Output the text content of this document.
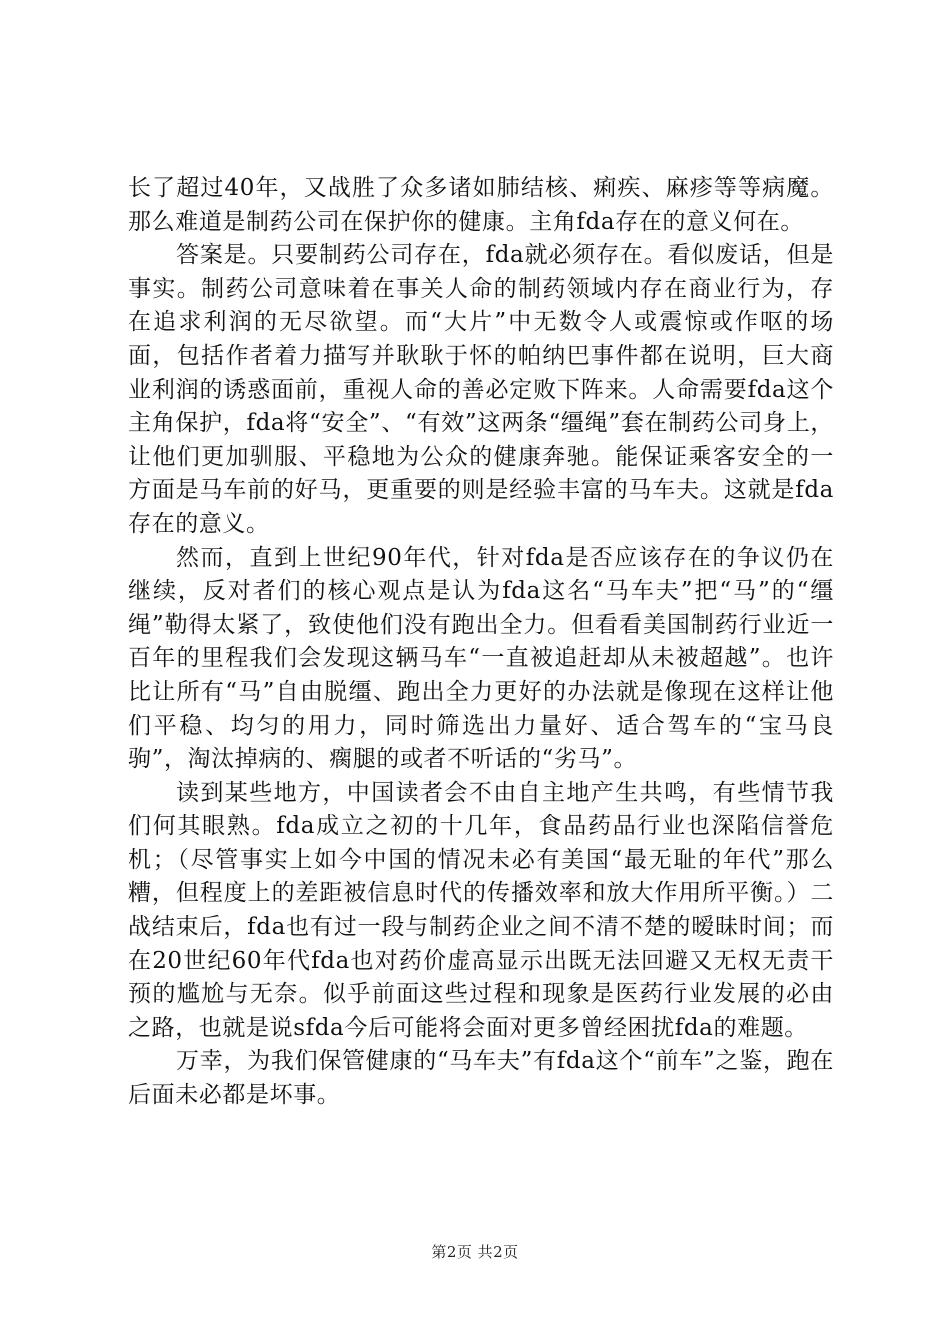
长了超过40年，又战胜了众多诸如肺结核、痢疾、麻疹等等病魔。那么难道是制药公司在保护你的健康。主角fda存在的意义何在。

答案是。只要制药公司存在，fda就必须存在。看似废话，但是事实。制药公司意味着在事关人命的制药领域内存在商业行为，存在追求利润的无尽欲望。而“大片”中无数令人或震惊或作呕的场面，包括作者着力描写并耿耿于怀的帕纳巴事件都在说明，巨大商业利润的诱惑面前，重视人命的善必定败下阵来。人命需要fda这个主角保护，fda将“安全”、“有效”这两条“缰绳”套在制药公司身上，让他们更加驯服、平稳地为公众的健康奔驰。能保证乘客安全的一方面是马车前的好马，更重要的则是经验丰富的马车夫。这就是fda存在的意义。

然而，直到上世纪90年代，针对fda是否应该存在的争议仍在继续，反对者们的核心观点是认为fda这名“马车夫”把“马”的“缰绳”勒得太紧了，致使他们没有跑出全力。但看看美国制药行业近一百年的里程我们会发现这辆马车“一直被追赶却从未被超越”。也许比让所有“马”自由脱缰、跑出全力更好的办法就是像现在这样让他们平稳、均匀的用力，同时筛选出力量好、适合驾车的“宝马良驹”，淘汰掉病的、瘸腿的或者不听话的“劣马”。

读到某些地方，中国读者会不由自主地产生共鸣，有些情节我们何其眼熟。fda成立之初的十几年，食品药品行业也深陷信誉危机；（尽管事实上如今中国的情况未必有美国“最无耻的年代”那么糟，但程度上的差距被信息时代的传播效率和放大作用所平衡。）二战结束后，fda也有过一段与制药企业之间不清不楚的暧昧时间；而在20世纪60年代fda也对药价虚高显示出既无法回避又无权无责干预的尴尬与无奈。似乎前面这些过程和现象是医药行业发展的必由之路，也就是说sfda今后可能将会面对更多曾经困扰fda的难题。

万幸，为我们保管健康的“马车夫”有fda这个“前车”之鉴，跑在后面未必都是坏事。

第2页 共2页
